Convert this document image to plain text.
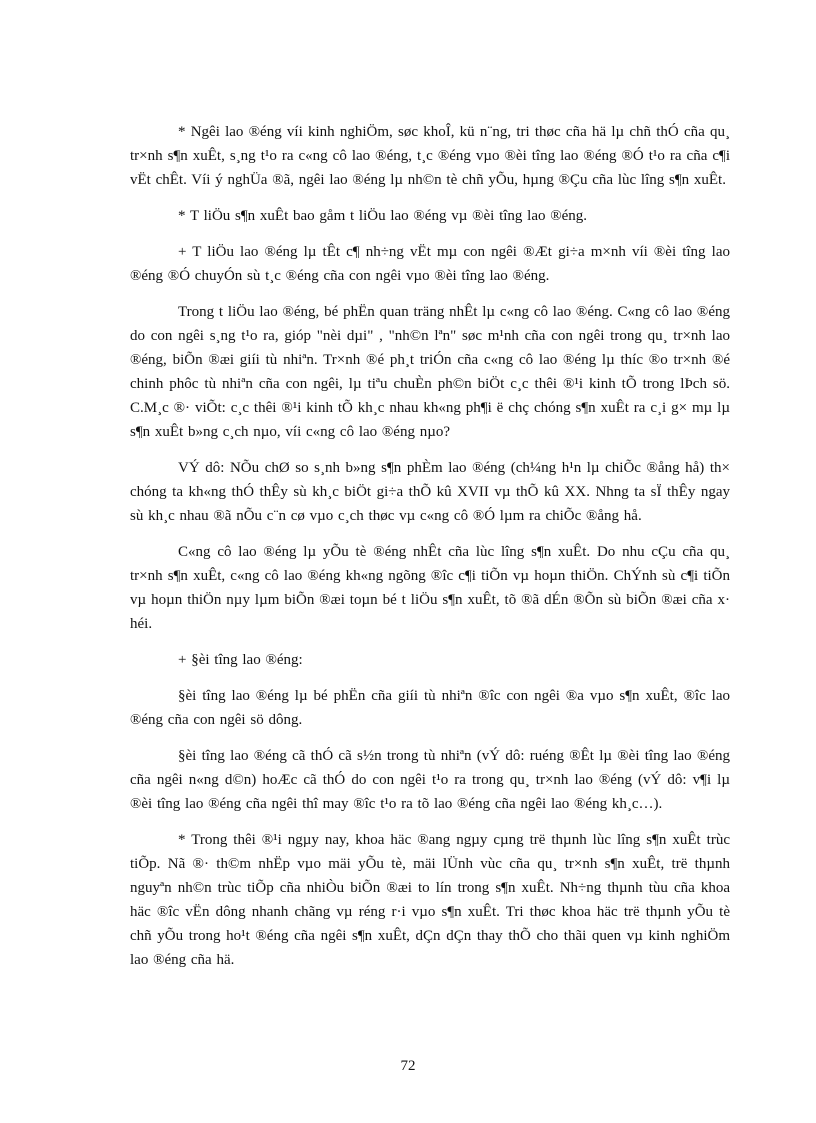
* Ngêi lao ®éng víi kinh nghiÖm, søc khoÎ, kü n¨ng, tri thøc cña hä lµ chñ thÓ cña qu¸ tr×nh s¶n xuÊt, s¸ng t¹o ra c«ng cô lao ®éng, t¸c ®éng vµo ®èi tîng lao ®éng ®Ó t¹o ra cña c¶i vËt chÊt. Víi ý nghÜa ®ã, ngêi lao ®éng lµ nh©n tè chñ yÕu, hµng ®Çu cña lùc lîng s¶n xuÊt.

* T liÖu s¶n xuÊt bao gåm t liÖu lao ®éng vµ ®èi tîng lao ®éng.

+ T liÖu lao ®éng lµ tÊt c¶ nh÷ng vËt mµ con ngêi ®Æt gi÷a m×nh víi ®èi tîng lao ®éng ®Ó chuyÓn sù t¸c ®éng cña con ngêi vµo ®èi tîng lao ®éng.

Trong t liÖu lao ®éng, bé phËn quan träng nhÊt lµ c«ng cô lao ®éng. C«ng cô lao ®éng do con ngêi s¸ng t¹o ra, gióp "nèi dµi" , "nh©n lªn" søc m¹nh cña con ngêi trong qu¸ tr×nh lao ®éng, biÕn ®æi giíi tù nhiªn. Tr×nh ®é ph¸t triÓn cña c«ng cô lao ®éng lµ thíc ®o tr×nh ®é chinh phôc tù nhiªn cña con ngêi, lµ tiªu chuÈn ph©n biÖt c¸c thêi ®¹i kinh tÕ trong lÞch sö. C.M¸c ®· viÕt: c¸c thêi ®¹i kinh tÕ kh¸c nhau kh«ng ph¶i ë chç chóng s¶n xuÊt ra c¸i g× mµ lµ s¶n xuÊt b»ng c¸ch nµo, víi c«ng cô lao ®éng nµo?

VÝ dô: NÕu chØ so s¸nh b»ng s¶n phÈm lao ®éng (ch¼ng h¹n lµ chiÕc ®ång hå) th× chóng ta kh«ng thÓ thÊy sù kh¸c biÖt gi÷a thÕ kû XVII vµ thÕ kû XX. Nhng ta sÏ thÊy ngay sù kh¸c nhau ®ã nÕu c¨n cø vµo c¸ch thøc vµ c«ng cô ®Ó lµm ra chiÕc ®ång hå.

C«ng cô lao ®éng lµ yÕu tè ®éng nhÊt cña lùc lîng s¶n xuÊt. Do nhu cÇu cña qu¸ tr×nh s¶n xuÊt, c«ng cô lao ®éng kh«ng ngõng ®îc c¶i tiÕn vµ hoµn thiÖn. ChÝnh sù c¶i tiÕn vµ hoµn thiÖn nµy lµm biÕn ®æi toµn bé t liÖu s¶n xuÊt, tõ ®ã dÉn ®Õn sù biÕn ®æi cña x· héi.

+ §èi tîng lao ®éng:

§èi tîng lao ®éng lµ bé phËn cña giíi tù nhiªn ®îc con ngêi ®a vµo s¶n xuÊt, ®îc lao ®éng cña con ngêi sö dông.

§èi tîng lao ®éng cã thÓ cã s½n trong tù nhiªn (vÝ dô: ruéng ®Êt lµ ®èi tîng lao ®éng cña ngêi n«ng d©n) hoÆc cã thÓ do con ngêi t¹o ra trong qu¸ tr×nh lao ®éng (vÝ dô: v¶i lµ ®èi tîng lao ®éng cña ngêi thî may ®îc t¹o ra tõ lao ®éng cña ngêi lao ®éng kh¸c…).

* Trong thêi ®¹i ngµy nay, khoa häc ®ang ngµy cµng trë thµnh lùc lîng s¶n xuÊt trùc tiÕp. Nã ®· th©m nhËp vµo mäi yÕu tè, mäi lÜnh vùc cña qu¸ tr×nh s¶n xuÊt, trë thµnh nguyªn nh©n trùc tiÕp cña nhiÒu biÕn ®æi to lín trong s¶n xuÊt. Nh÷ng thµnh tùu cña khoa häc ®îc vËn dông nhanh chãng vµ réng r·i vµo s¶n xuÊt. Tri thøc khoa häc trë thµnh yÕu tè chñ yÕu trong ho¹t ®éng cña ngêi s¶n xuÊt, dÇn dÇn thay thÕ cho thãi quen vµ kinh nghiÖm lao ®éng cña hä.

72
